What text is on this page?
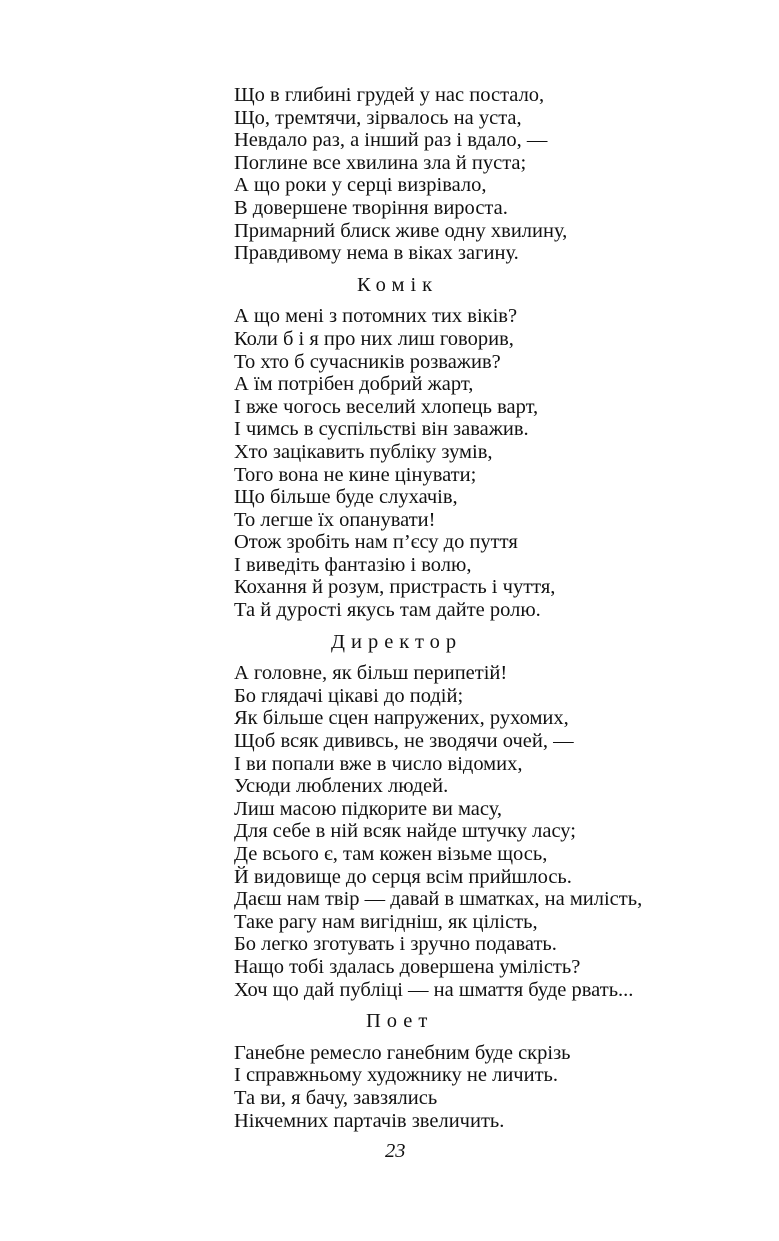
Що в глибині грудей у нас постало,
Що, тремтячи, зірвалось на уста,
Невдало раз, а інший раз і вдало, —
Поглине все хвилина зла й пуста;
А що роки у серці визрівало,
В довершене творіння вироста.
Примарний блиск живе одну хвилину,
Правдивому нема в віках загину.
Комік
А що мені з потомних тих віків?
Коли б і я про них лиш говорив,
То хто б сучасників розважив?
А їм потрібен добрий жарт,
І вже чогось веселий хлопець варт,
І чимсь в суспільстві він заважив.
Хто зацікавить публіку зумів,
Того вона не кине цінувати;
Що більше буде слухачів,
То легше їх опанувати!
Отож зробіть нам п’єсу до пуття
І виведіть фантазію і волю,
Кохання й розум, пристрасть і чуття,
Та й дурості якусь там дайте ролю.
Директор
А головне, як більш перипетій!
Бо глядачі цікаві до подій;
Як більше сцен напружених, рухомих,
Щоб всяк дививсь, не зводячи очей, —
І ви попали вже в число відомих,
Усюди люблених людей.
Лиш масою підкорите ви масу,
Для себе в ній всяк найде штучку ласу;
Де всього є, там кожен візьме щось,
Й видовище до серця всім прийшлось.
Даєш нам твір — давай в шматках, на милість,
Таке рагу нам вигідніш, як цілість,
Бо легко зготувать і зручно подавать.
Нащо тобі здалась довершена умілість?
Хоч що дай публіці — на шмаття буде рвать...
Поет
Ганебне ремесло ганебним буде скрізь
І справжньому художнику не личить.
Та ви, я бачу, завзялись
Нікчемних партачів звеличить.
23
